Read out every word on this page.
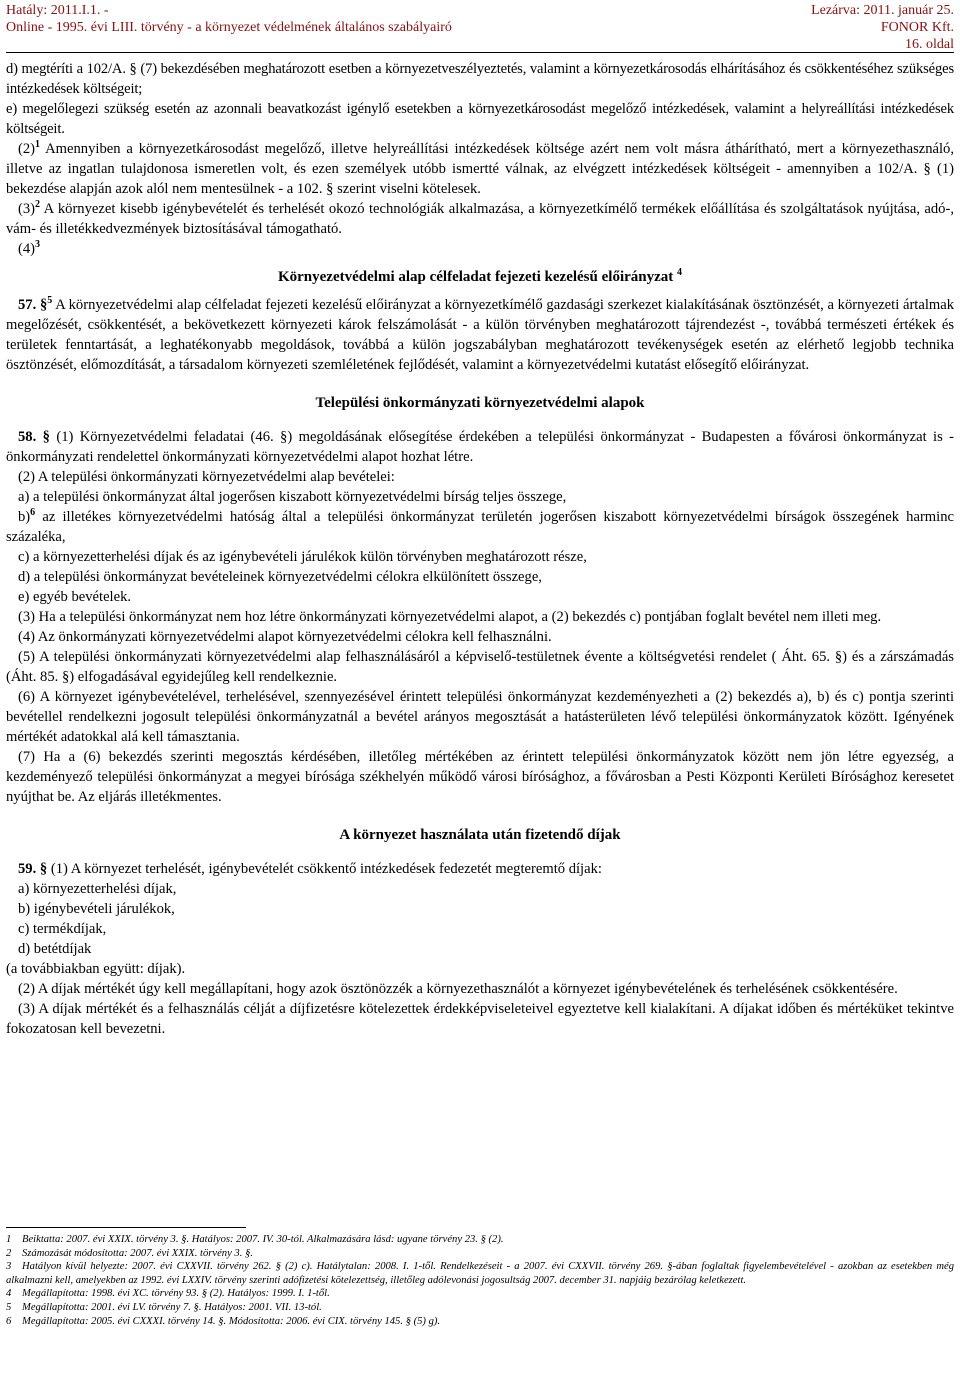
Hatály: 2011.I.1. -	Lezárva: 2011. január 25.
Online - 1995. évi LIII. törvény - a környezet védelmének általános szabályairó	FONOR Kft.
16. oldal

d) megtéríti a 102/A. § (7) bekezdésében meghatározott esetben a környezetveszélyeztetés, valamint a környezetkárosodás elhárításához és csökkentéséhez szükséges intézkedések költségeit;

e) megelőlegezi szükség esetén az azonnali beavatkozást igénylő esetekben a környezetkárosodást megelőző intézkedések, valamint a helyreállítási intézkedések költségeit.

$(2)^1$ Amennyiben a környezetkárosodást megelőző, illetve helyreállítási intézkedések költsége azért nem volt másra áthárítható, mert a környezethasználó, illetve az ingatlan tulajdonosa ismeretlen volt, és ezen személyek utóbb ismertté válnak, az elvégzett intézkedések költségeit - amennyiben a 102/A. § (1) bekezdése alapján azok alól nem mentesülnek - a 102. § szerint viselni kötelesek.

$(3)^2$ A környezet kisebb igénybevételét és terhelését okozó technológiák alkalmazása, a környezetkímélő termékek előállítása és szolgáltatások nyújtása, adó-, vám- és illetékkedvezmények biztosításával támogatható.

$(4)^3$

Környezetvédelmi alap célfeladat fejezeti kezelésű előirányzat $^4$

57. §$^5$ A környezetvédelmi alap célfeladat fejezeti kezelésű előirányzat a környezetkímélő gazdasági szerkezet kialakításának ösztönzését, a környezeti ártalmak megelőzését, csökkentését, a bekövetkezett környezeti károk felszámolását - a külön törvényben meghatározott tájrendezést -, továbbá természeti értékek és területek fenntartását, a leghatékonyabb megoldások, továbbá a külön jogszabályban meghatározott tevékenységek esetén az elérhető legjobb technika ösztönzését, előmozdítását, a társadalom környezeti szemléletének fejlődését, valamint a környezetvédelmi kutatást elősegítő előirányzat.

Települési önkormányzati környezetvédelmi alapok

58. § (1) Környezetvédelmi feladatai (46. §) megoldásának elősegítése érdekében a települési önkormányzat - Budapesten a fővárosi önkormányzat is - önkormányzati rendelettel önkormányzati környezetvédelmi alapot hozhat létre.

(2) A települési önkormányzati környezetvédelmi alap bevételei:

a) a települési önkormányzat által jogerősen kiszabott környezetvédelmi bírság teljes összege,

b)$^6$ az illetékes környezetvédelmi hatóság által a települési önkormányzat területén jogerősen kiszabott környezetvédelmi bírságok összegének harminc százaléka,

c) a környezetterhelési díjak és az igénybevételi járulékok külön törvényben meghatározott része,

d) a települési önkormányzat bevételeinek környezetvédelmi célokra elkülönített összege,

e) egyéb bevételek.

(3) Ha a települési önkormányzat nem hoz létre önkormányzati környezetvédelmi alapot, a (2) bekezdés c) pontjában foglalt bevétel nem illeti meg.

(4) Az önkormányzati környezetvédelmi alapot környezetvédelmi célokra kell felhasználni.

(5) A települési önkormányzati környezetvédelmi alap felhasználásáról a képviselő-testületnek évente a költségvetési rendelet ( Áht. 65. §) és a zárszámadás (Áht. 85. §) elfogadásával egyidejűleg kell rendelkeznie.

(6) A környezet igénybevételével, terhelésével, szennyezésével érintett települési önkormányzat kezdeményezheti a (2) bekezdés a), b) és c) pontja szerinti bevétellel rendelkezni jogosult települési önkormányzatnál a bevétel arányos megosztását a hatásterületen lévő települési önkormányzatok között. Igényének mértékét adatokkal alá kell támasztania.

(7) Ha a (6) bekezdés szerinti megosztás kérdésében, illetőleg mértékében az érintett települési önkormányzatok között nem jön létre egyezség, a kezdeményező települési önkormányzat a megyei bírósága székhelyén működő városi bírósághoz, a fővárosban a Pesti Központi Kerületi Bírósághoz keresetet nyújthat be. Az eljárás illetékmentes.

A környezet használata után fizetendő díjak

59. § (1) A környezet terhelését, igénybevételét csökkentő intézkedések fedezetét megteremtő díjak:

a) környezetterhelési díjak,

b) igénybevételi járulékok,

c) termékdíjak,

d) betétdíjak

(a továbbiakban együtt: díjak).

(2) A díjak mértékét úgy kell megállapítani, hogy azok ösztönözzék a környezethasználót a környezet igénybevételének és terhelésének csökkentésére.

(3) A díjak mértékét és a felhasználás célját a díjfizetésre kötelezettek érdekképviseleteivel egyeztetve kell kialakítani. A díjakat időben és mértéküket tekintve fokozatosan kell bevezetni.

1 Beiktatta: 2007. évi XXIX. törvény 3. §. Hatályos: 2007. IV. 30-tól. Alkalmazására lásd: ugyane törvény 23. § (2).
2 Számozását módosította: 2007. évi XXIX. törvény 3. §.
3 Hatályon kívül helyezte: 2007. évi CXXVII. törvény 262. § (2) c). Hatálytalan: 2008. I. 1-től. Rendelkezéseit - a 2007. évi CXXVII. törvény 269. §-ában foglaltak figyelembevételével - azokban az esetekben még alkalmazni kell, amelyekben az 1992. évi LXXIV. törvény szerinti adófizetési kötelezettség, illetőleg adólevonási jogosultság 2007. december 31. napjáig bezárólag keletkezett.
4 Megállapította: 1998. évi XC. törvény 93. § (2). Hatályos: 1999. I. 1-től.
5 Megállapította: 2001. évi LV. törvény 7. §. Hatályos: 2001. VII. 13-tól.
6 Megállapította: 2005. évi CXXXI. törvény 14. §. Módosította: 2006. évi CIX. törvény 145. § (5) g).
